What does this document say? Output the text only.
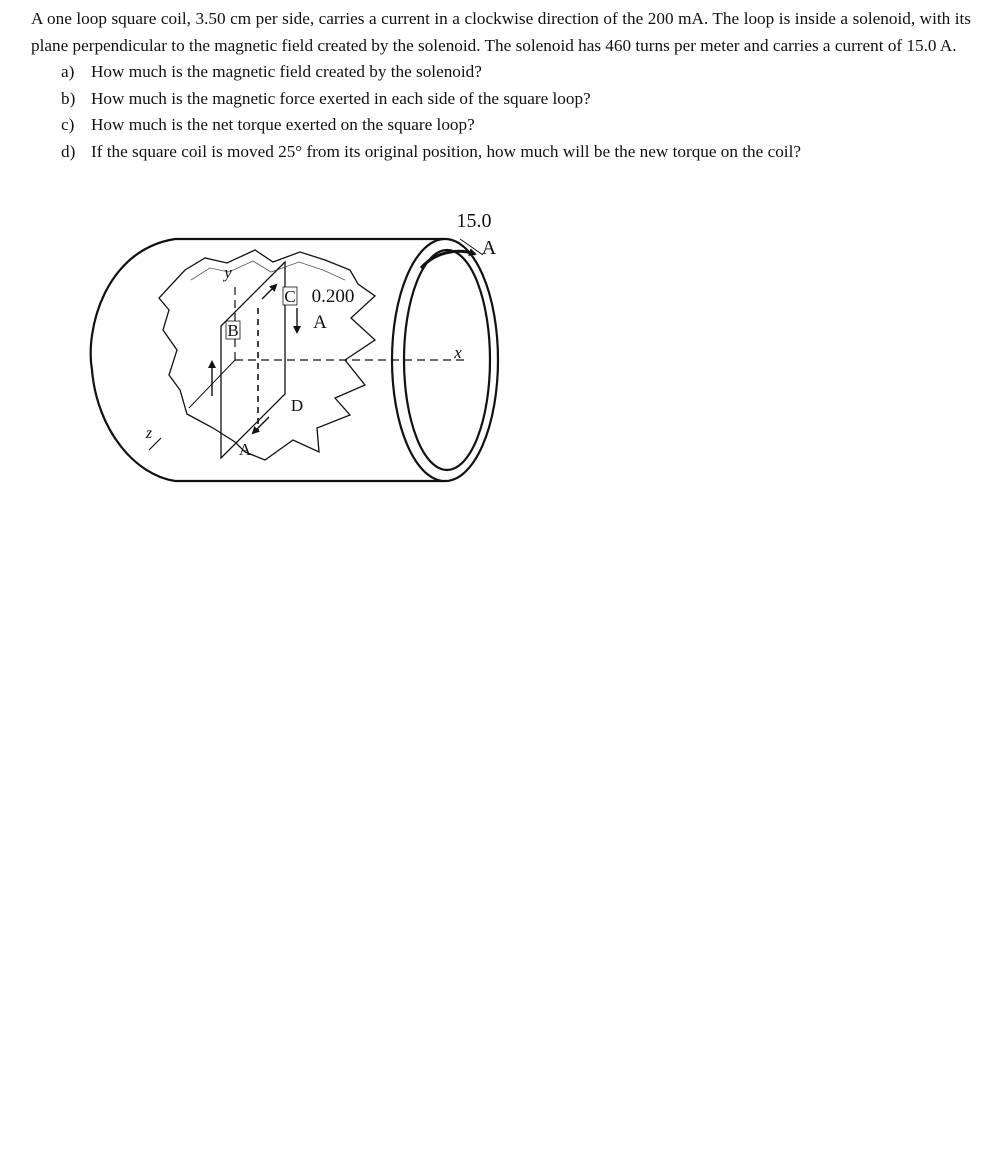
A one loop square coil, 3.50 cm per side, carries a current in a clockwise direction of the 200 mA. The loop is inside a solenoid, with its plane perpendicular to the magnetic field created by the solenoid. The solenoid has 460 turns per meter and carries a current of 15.0 A.

a) How much is the magnetic field created by the solenoid?
b) How much is the magnetic force exerted in each side of the square loop?
c) How much is the net torque exerted on the square loop?
d) If the square coil is moved 25° from its original position, how much will be the new torque on the coil?
15.0
A
0.200
A
x
y
z
A
B
C
D
